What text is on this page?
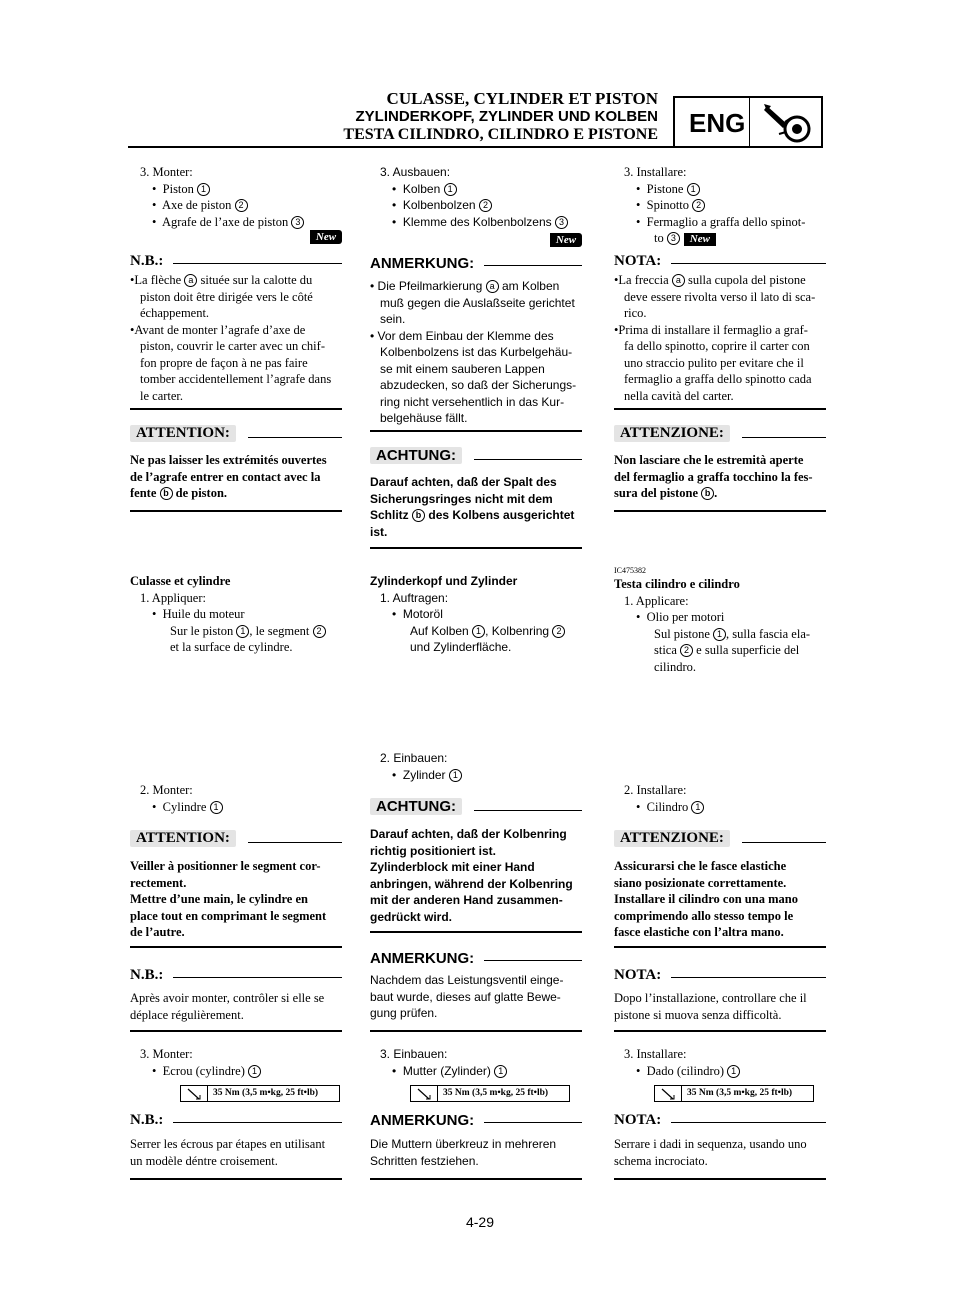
CULASSE, CYLINDER ET PISTON
ZYLINDERKOPF, ZYLINDER UND KOLBEN
TESTA CILINDRO, CILINDRO E PISTONE ENG
3. Monter:
•  Piston 1
•  Axe de piston 2
•  Agrafe de l’axe de piston 3
New
N.B.:
•La flèche a située sur la calotte du
piston doit être dirigée vers le côté
échappement.
•Avant de monter l’agrafe d’axe de
piston, couvrir le carter avec un chif-
fon propre de façon à ne pas faire
tomber accidentellement l’agrafe dans
le carter.
ATTENTION:
Ne pas laisser les extrémités ouvertes
de l’agrafe entrer en contact avec la
fente b de piston.
Culasse et cylindre
1. Appliquer:
•  Huile du moteur
Sur le piston 1 , le segment 2
et la surface de cylindre.
2. Monter:
•  Cylindre 1
ATTENTION:
Veiller à positionner le segment cor-
rectement.
Mettre d’une main, le cylindre en
place tout en comprimant le segment
de l’autre.
N.B.:
Après avoir monter, contrôler si elle se
déplace régulièrement.
3. Monter:
•  Ecrou (cylindre) 1
35 Nm (3,5 m•kg, 25 ft•lb)
N.B.:
Serrer les écrous par étapes en utilisant
un modèle déntre croisement.
3. Ausbauen:
•  Kolben 1
•  Kolbenbolzen 2
•  Klemme des Kolbenbolzens 3
New
ANMERKUNG:
• Die Pfeilmarkierung a am Kolben
muß gegen die Auslaßseite gerichtet
sein.
• Vor dem Einbau der Klemme des
Kolbenbolzens ist das Kurbelgehäu-
se mit einem sauberen Lappen
abzudecken, so daß der Sicherungs-
ring nicht versehentlich in das Kur-
belgehäuse fällt.
ACHTUNG:
Darauf achten, daß der Spalt des
Sicherungsringes nicht mit dem
Schlitz b des Kolbens ausgerichtet
ist.
Zylinderkopf und Zylinder
1. Auftragen:
•  Motoröl
Auf Kolben 1 , Kolbenring 2
und Zylinderfläche.
2. Einbauen:
•  Zylinder 1
ACHTUNG:
Darauf achten, daß der Kolbenring
richtig positioniert ist.
Zylinderblock mit einer Hand
anbringen, während der Kolbenring
mit der anderen Hand zusammen-
gedrückt wird.
ANMERKUNG:
Nachdem das Leistungsventil einge-
baut wurde, dieses auf glatte Bewe-
gung prüfen.
3. Einbauen:
•  Mutter (Zylinder) 1
35 Nm (3,5 m•kg, 25 ft•lb)
ANMERKUNG:
Die Muttern überkreuz in mehreren
Schritten festziehen.
3. Installare:
•  Pistone 1
•  Spinotto 2
•  Fermaglio a graffa dello spinot-
to 3 New
NOTA:
•La freccia a sulla cupola del pistone
deve essere rivolta verso il lato di sca-
rico.
•Prima di installare il fermaglio a graf-
fa dello spinotto, coprire il carter con
uno straccio pulito per evitare che il
fermaglio a graffa dello spinotto cada
nella cavità del carter.
ATTENZIONE:
Non lasciare che le estremità aperte
del fermaglio a graffa tocchino la fes-
sura del pistone b .
IC475382
Testa cilindro e cilindro
1. Applicare:
•  Olio per motori
Sul pistone 1 , sulla fascia ela-
stica 2 e sulla superficie del
cilindro.
2. Installare:
•  Cilindro 1
ATTENZIONE:
Assicurarsi che le fasce elastiche
siano posizionate correttamente.
Installare il cilindro con una mano
comprimendo allo stesso tempo le
fasce elastiche con l’altra mano.
NOTA:
Dopo l’installazione, controllare che il
pistone si muova senza difficoltà.
3. Installare:
•  Dado (cilindro) 1
35 Nm (3,5 m•kg, 25 ft•lb)
NOTA:
Serrare i dadi in sequenza, usando uno
schema incrociato.
4-29
